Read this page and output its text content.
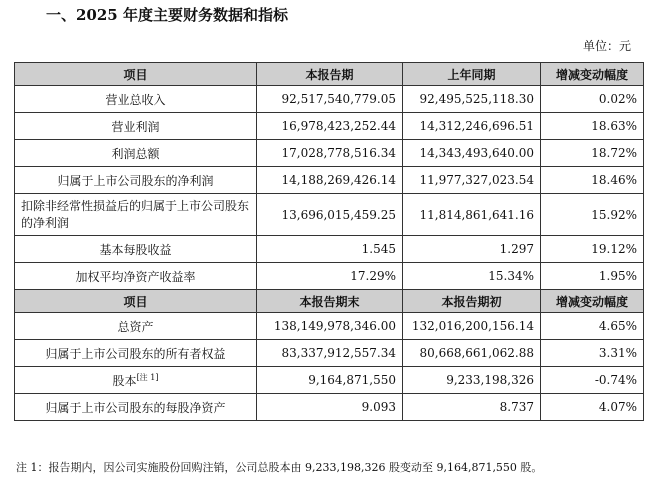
一、2025 年度主要财务数据和指标
单位：元
项目	本报告期	上年同期	增减变动幅度
营业总收入	92,517,540,779.05	92,495,525,118.30	0.02%
营业利润	16,978,423,252.44	14,312,246,696.51	18.63%
利润总额	17,028,778,516.34	14,343,493,640.00	18.72%
归属于上市公司股东的净利润	14,188,269,426.14	11,977,327,023.54	18.46%
扣除非经常性损益后的归属于上市公司股东的净利润	13,696,015,459.25	11,814,861,641.16	15.92%
基本每股收益	1.545	1.297	19.12%
加权平均净资产收益率	17.29%	15.34%	1.95%
项目	本报告期末	本报告期初	增减变动幅度
总资产	138,149,978,346.00	132,016,200,156.14	4.65%
归属于上市公司股东的所有者权益	83,337,912,557.34	80,668,661,062.88	3.31%
股本[注 1]	9,164,871,550	9,233,198,326	-0.74%
归属于上市公司股东的每股净资产	9.093	8.737	4.07%
注 1：报告期内，因公司实施股份回购注销，公司总股本由 9,233,198,326 股变动至 9,164,871,550 股。
